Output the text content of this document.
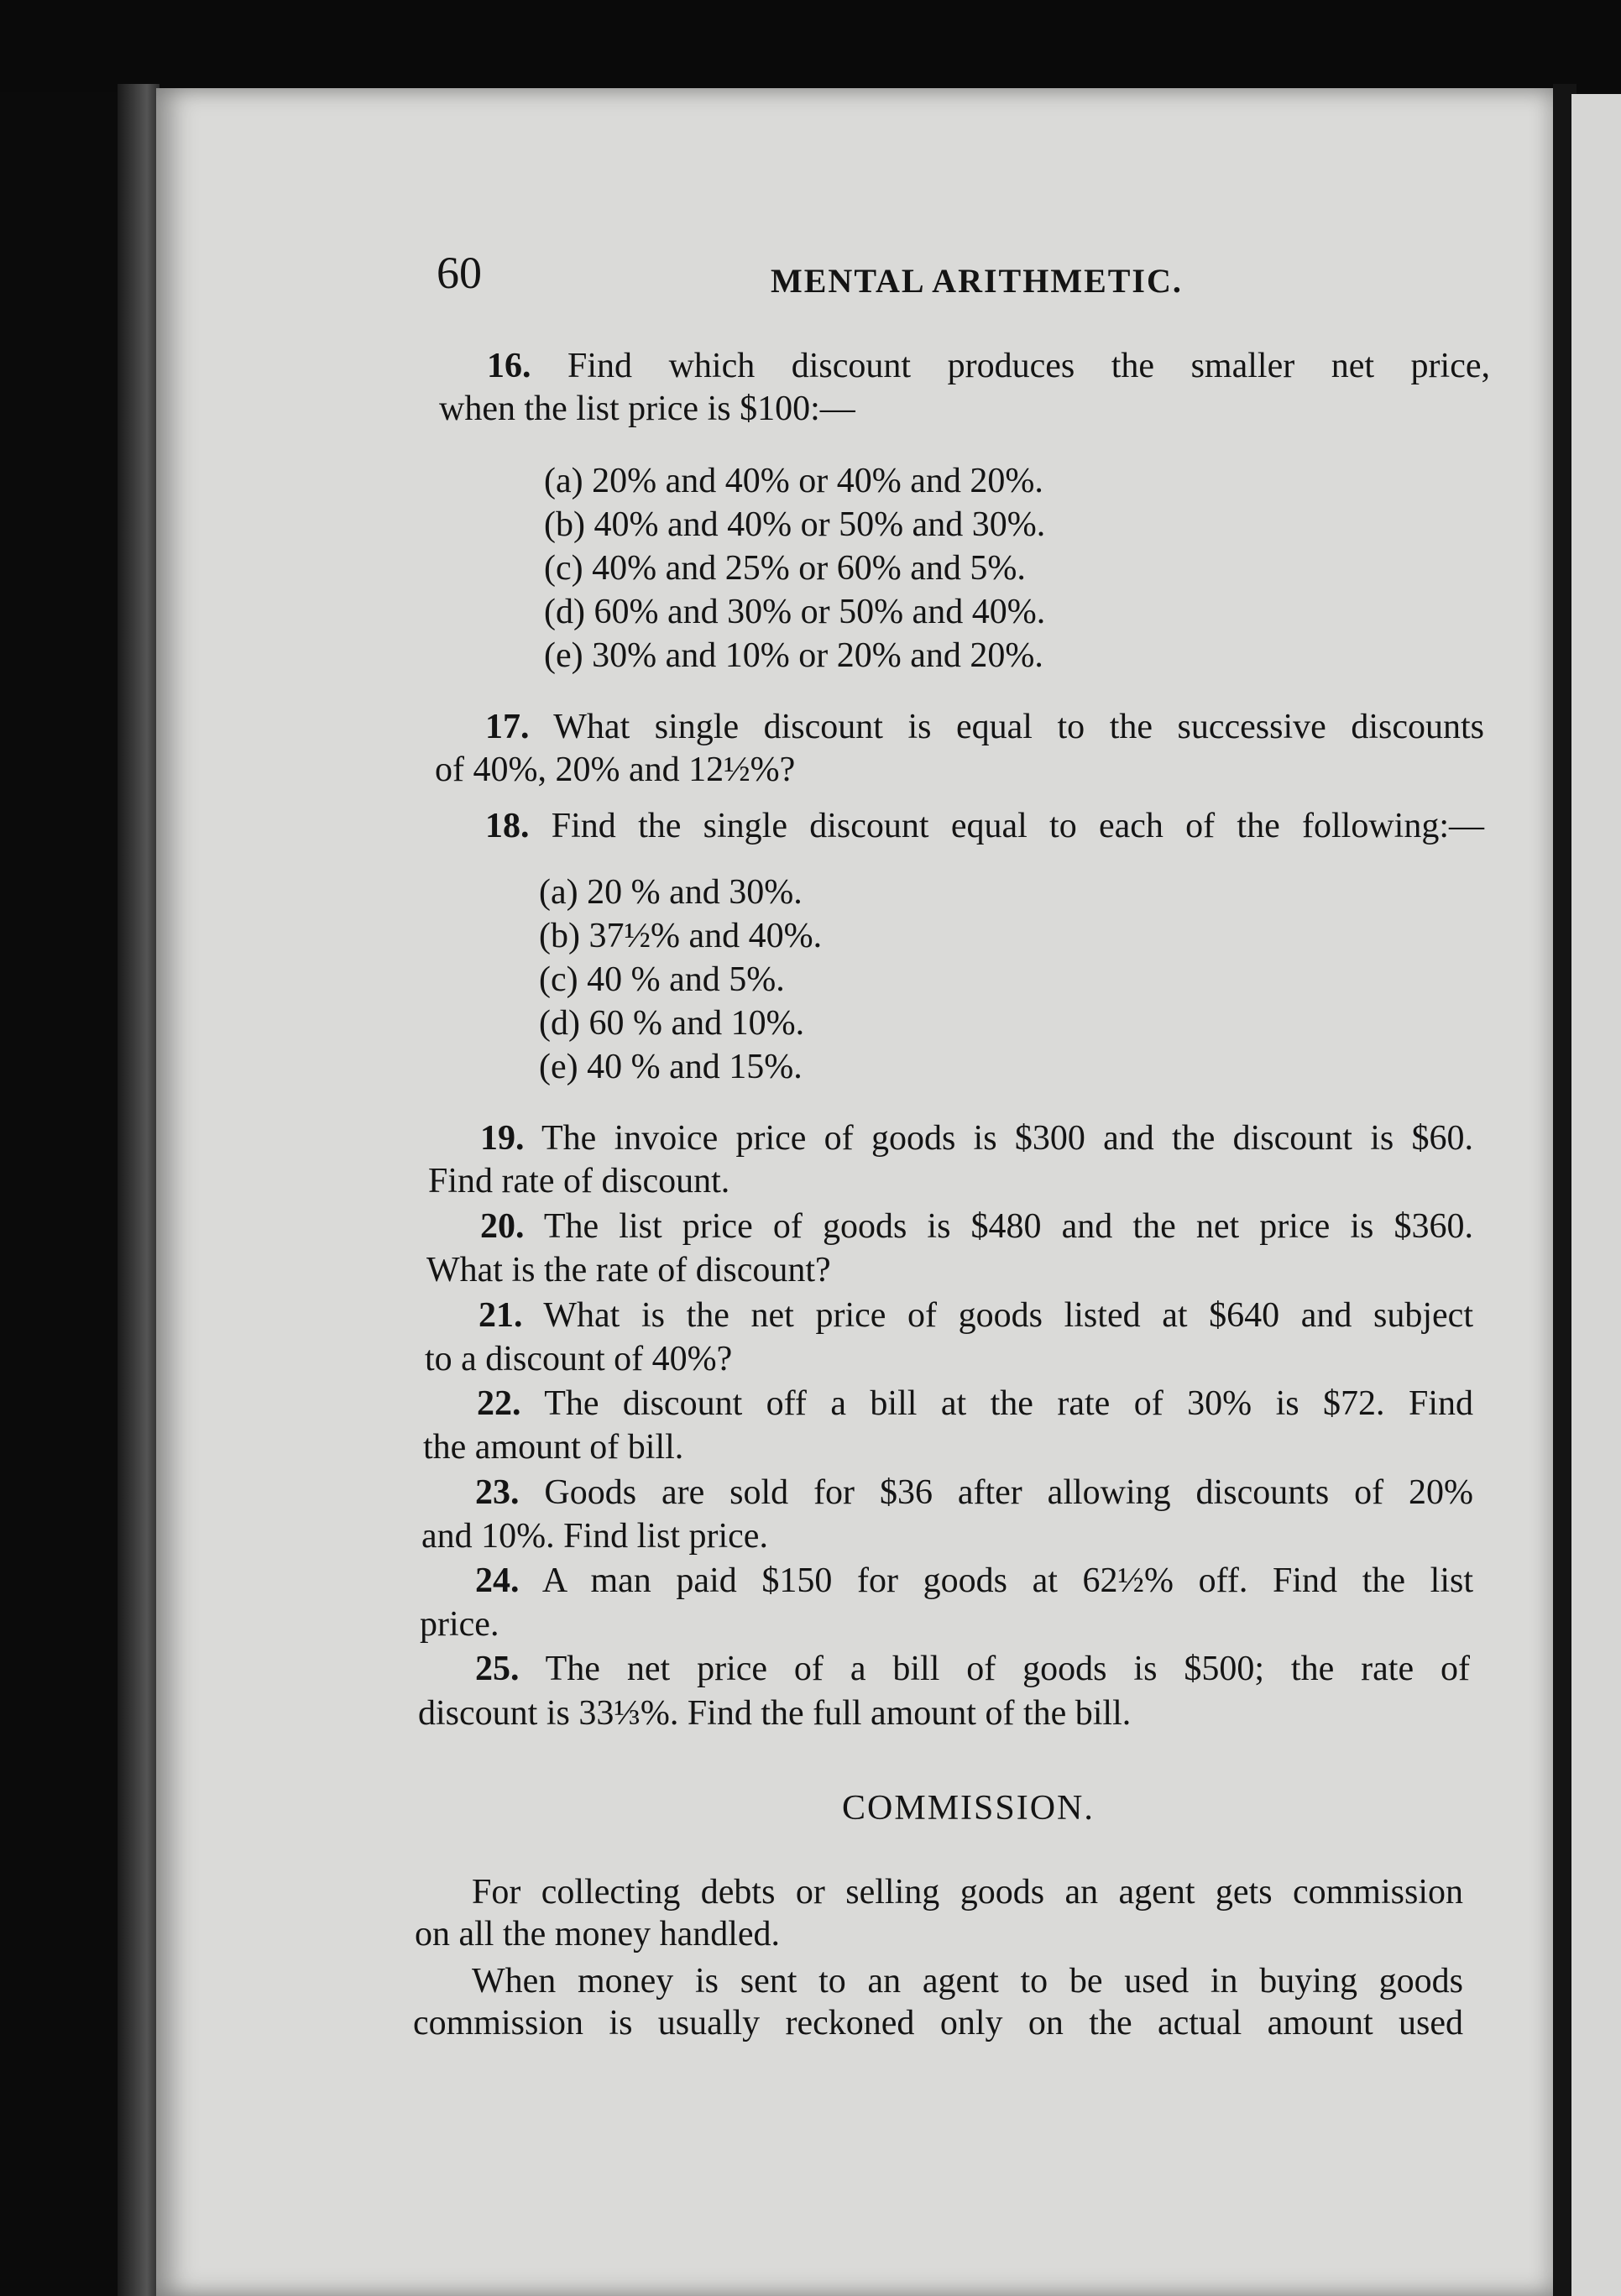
60	MENTAL ARITHMETIC.
16. Find which discount produces the smaller net price,
when the list price is $100:—
(a) 20% and 40% or 40% and 20%.
(b) 40% and 40% or 50% and 30%.
(c) 40% and 25% or 60% and 5%.
(d) 60% and 30% or 50% and 40%.
(e) 30% and 10% or 20% and 20%.
17. What single discount is equal to the successive discounts
of 40%, 20% and 12½%?
18. Find the single discount equal to each of the following:—
(a) 20 % and 30%.
(b) 37½% and 40%.
(c) 40 % and 5%.
(d) 60 % and 10%.
(e) 40 % and 15%.
19. The invoice price of goods is $300 and the discount is $60.
Find rate of discount.
20. The list price of goods is $480 and the net price is $360.
What is the rate of discount?
21. What is the net price of goods listed at $640 and subject
to a discount of 40%?
22. The discount off a bill at the rate of 30% is $72. Find
the amount of bill.
23. Goods are sold for $36 after allowing discounts of 20%
and 10%. Find list price.
24. A man paid $150 for goods at 62½% off. Find the list
price.
25. The net price of a bill of goods is $500; the rate of
discount is 33⅓%. Find the full amount of the bill.
COMMISSION.
For collecting debts or selling goods an agent gets commission
on all the money handled.
When money is sent to an agent to be used in buying goods
commission is usually reckoned only on the actual amount used
